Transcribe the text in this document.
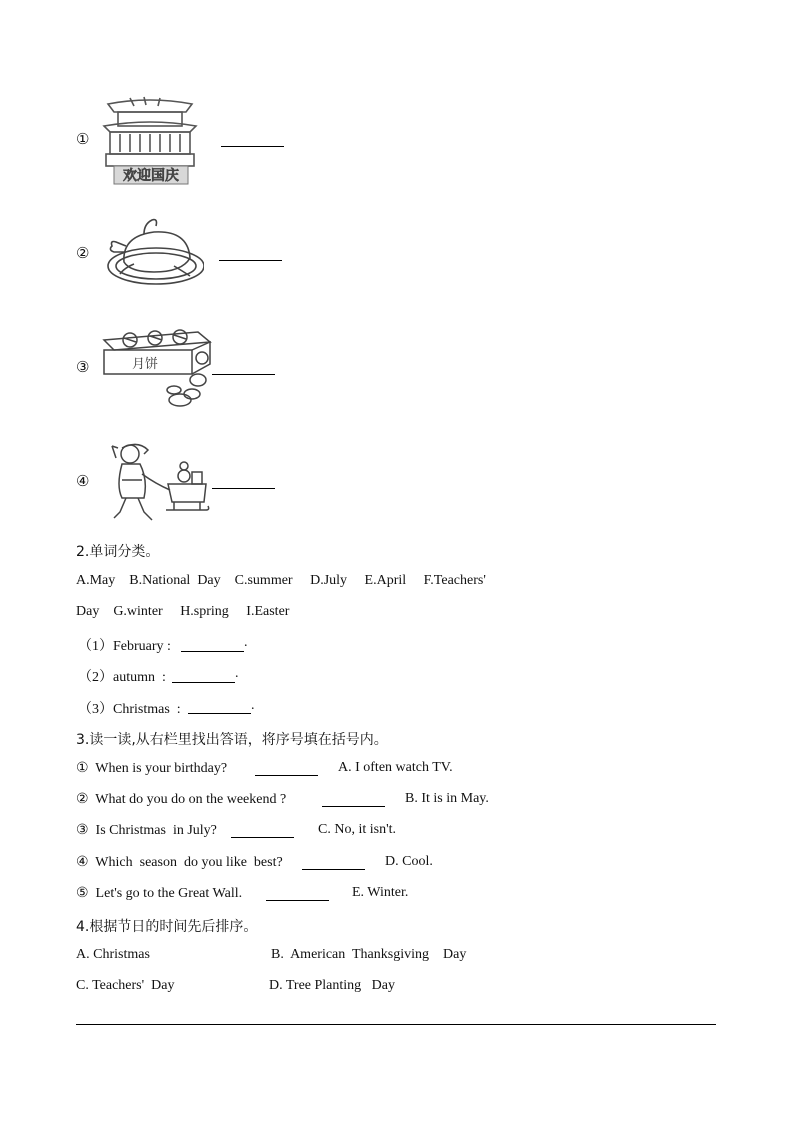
①
欢迎国庆
②
③	月饼
④
2.单词分类。
A.May    B.National  Day    C.summer     D.July     E.April     F.Teachers'
Day    G.winter     H.spring     I.Easter
（1）February :	.
（2）autumn  :	.
（3）Christmas  :	.
3.读一读,从右栏里找出答语，将序号填在括号内。
①  When is your birthday?	A. I often watch TV.
②  What do you do on the weekend ?	B. It is in May.
③  Is Christmas  in July?	C. No, it isn't.
④  Which  season  do you like  best?	D. Cool.
⑤  Let's go to the Great Wall.	E. Winter.
4.根据节日的时间先后排序。
A. Christmas	B.  American  Thanksgiving    Day
C. Teachers'  Day	D. Tree Planting   Day
